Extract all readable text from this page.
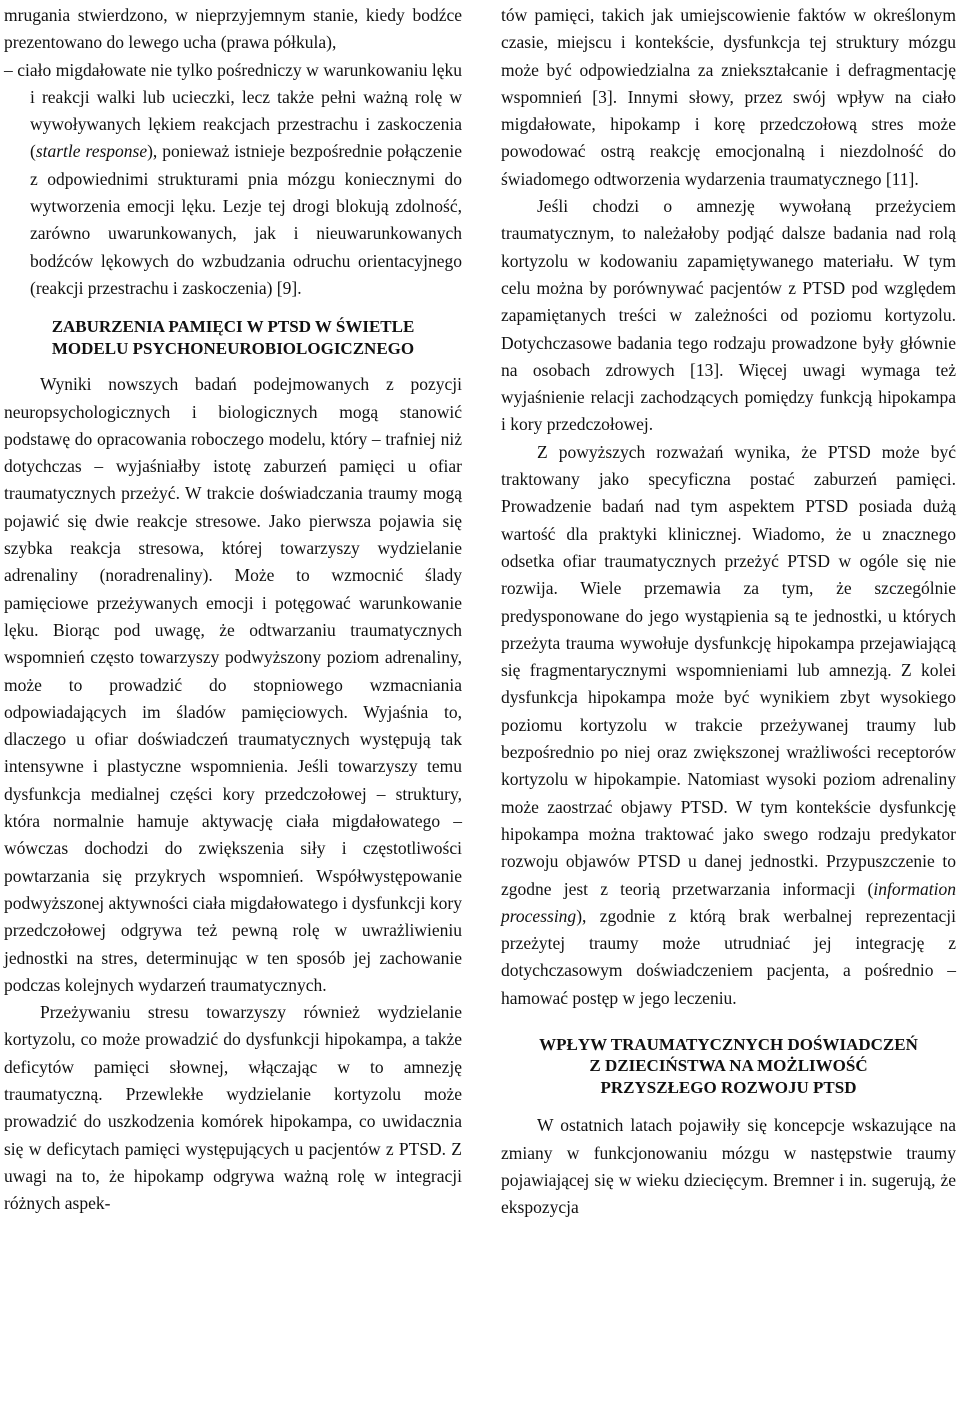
mrugania stwierdzono, w nieprzyjemnym stanie, kiedy bodźce prezentowano do lewego ucha (prawa półkula),

– ciało migdałowate nie tylko pośredniczy w warunkowaniu lęku i reakcji walki lub ucieczki, lecz także pełni ważną rolę w wywoływanych lękiem reakcjach przestrachu i zaskoczenia (startle response), ponieważ istnieje bezpośrednie połączenie z odpowiednimi strukturami pnia mózgu koniecznymi do wytworzenia emocji lęku. Lezje tej drogi blokują zdolność, zarówno uwarunkowanych, jak i nieuwarunkowanych bodźców lękowych do wzbudzania odruchu orientacyjnego (reakcji przestrachu i zaskoczenia) [9].

ZABURZENIA PAMIĘCI W PTSD W ŚWIETLE
MODELU PSYCHONEUROBIOLOGICZNEGO

Wyniki nowszych badań podejmowanych z pozycji neuropsychologicznych i biologicznych mogą stanowić podstawę do opracowania roboczego modelu, który – trafniej niż dotychczas – wyjaśniałby istotę zaburzeń pamięci u ofiar traumatycznych przeżyć. W trakcie doświadczania traumy mogą pojawić się dwie reakcje stresowe. Jako pierwsza pojawia się szybka reakcja stresowa, której towarzyszy wydzielanie adrenaliny (noradrenaliny). Może to wzmocnić ślady pamięciowe przeżywanych emocji i potęgować warunkowanie lęku. Biorąc pod uwagę, że odtwarzaniu traumatycznych wspomnień często towarzyszy podwyższony poziom adrenaliny, może to prowadzić do stopniowego wzmacniania odpowiadających im śladów pamięciowych. Wyjaśnia to, dlaczego u ofiar doświadczeń traumatycznych występują tak intensywne i plastyczne wspomnienia. Jeśli towarzyszy temu dysfunkcja medialnej części kory przedczołowej – struktury, która normalnie hamuje aktywację ciała migdałowatego – wówczas dochodzi do zwiększenia siły i częstotliwości powtarzania się przykrych wspomnień. Współwystępowanie podwyższonej aktywności ciała migdałowatego i dysfunkcji kory przedczołowej odgrywa też pewną rolę w uwrażliwieniu jednostki na stres, determinując w ten sposób jej zachowanie podczas kolejnych wydarzeń traumatycznych.

Przeżywaniu stresu towarzyszy również wydzielanie kortyzolu, co może prowadzić do dysfunkcji hipokampa, a także deficytów pamięci słownej, włączając w to amnezję traumatyczną. Przewlekłe wydzielanie kortyzolu może prowadzić do uszkodzenia komórek hipokampa, co uwidacznia się w deficytach pamięci występujących u pacjentów z PTSD. Z uwagi na to, że hipokamp odgrywa ważną rolę w integracji różnych aspek-

tów pamięci, takich jak umiejscowienie faktów w określonym czasie, miejscu i kontekście, dysfunkcja tej struktury mózgu może być odpowiedzialna za zniekształcanie i defragmentację wspomnień [3]. Innymi słowy, przez swój wpływ na ciało migdałowate, hipokamp i korę przedczołową stres może powodować ostrą reakcję emocjonalną i niezdolność do świadomego odtworzenia wydarzenia traumatycznego [11].

Jeśli chodzi o amnezję wywołaną przeżyciem traumatycznym, to należałoby podjąć dalsze badania nad rolą kortyzolu w kodowaniu zapamiętywanego materiału. W tym celu można by porównywać pacjentów z PTSD pod względem zapamiętanych treści w zależności od poziomu kortyzolu. Dotychczasowe badania tego rodzaju prowadzone były głównie na osobach zdrowych [13]. Więcej uwagi wymaga też wyjaśnienie relacji zachodzących pomiędzy funkcją hipokampa i kory przedczołowej.

Z powyższych rozważań wynika, że PTSD może być traktowany jako specyficzna postać zaburzeń pamięci. Prowadzenie badań nad tym aspektem PTSD posiada dużą wartość dla praktyki klinicznej. Wiadomo, że u znacznego odsetka ofiar traumatycznych przeżyć PTSD w ogóle się nie rozwija. Wiele przemawia za tym, że szczególnie predysponowane do jego wystąpienia są te jednostki, u których przeżyta trauma wywołuje dysfunkcję hipokampa przejawiającą się fragmentarycznymi wspomnieniami lub amnezją. Z kolei dysfunkcja hipokampa może być wynikiem zbyt wysokiego poziomu kortyzolu w trakcie przeżywanej traumy lub bezpośrednio po niej oraz zwiększonej wrażliwości receptorów kortyzolu w hipokampie. Natomiast wysoki poziom adrenaliny może zaostrzać objawy PTSD. W tym kontekście dysfunkcję hipokampa można traktować jako swego rodzaju predykator rozwoju objawów PTSD u danej jednostki. Przypuszczenie to zgodne jest z teorią przetwarzania informacji (information processing), zgodnie z którą brak werbalnej reprezentacji przeżytej traumy może utrudniać jej integrację z dotychczasowym doświadczeniem pacjenta, a pośrednio – hamować postęp w jego leczeniu.

WPŁYW TRAUMATYCZNYCH DOŚWIADCZEŃ
Z DZIECIŃSTWA NA MOŻLIWOŚĆ
PRZYSZŁEGO ROZWOJU PTSD

W ostatnich latach pojawiły się koncepcje wskazujące na zmiany w funkcjonowaniu mózgu w następstwie traumy pojawiającej się w wieku dziecięcym. Bremner i in. sugerują, że ekspozycja
